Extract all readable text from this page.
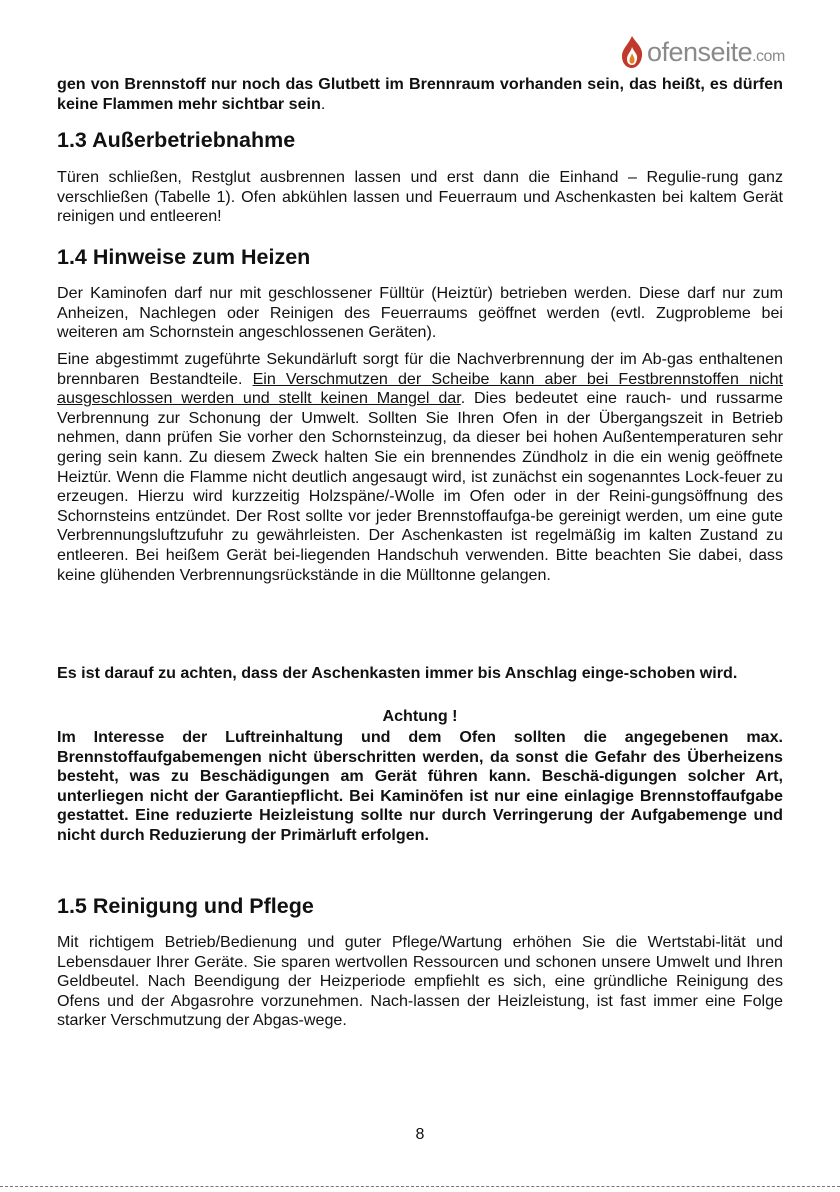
ofenseite.com

gen von Brennstoff nur noch das Glutbett im Brennraum vorhanden sein, das heißt, es dürfen keine Flammen mehr sichtbar sein.

1.3 Außerbetriebnahme

Türen schließen, Restglut ausbrennen lassen und erst dann die Einhand – Regulie-rung ganz verschließen (Tabelle 1). Ofen abkühlen lassen und Feuerraum und Aschenkasten bei kaltem Gerät reinigen und entleeren!

1.4 Hinweise zum Heizen

Der Kaminofen darf nur mit geschlossener Fülltür (Heiztür) betrieben werden. Diese darf nur zum Anheizen, Nachlegen oder Reinigen des Feuerraums geöffnet werden (evtl. Zugprobleme bei weiteren am Schornstein angeschlossenen Geräten).

Eine abgestimmt zugeführte Sekundärluft sorgt für die Nachverbrennung der im Ab-gas enthaltenen brennbaren Bestandteile. Ein Verschmutzen der Scheibe kann aber bei Festbrennstoffen nicht ausgeschlossen werden und stellt keinen Mangel dar. Dies bedeutet eine rauch- und russarme Verbrennung zur Schonung der Umwelt. Sollten Sie Ihren Ofen in der Übergangszeit in Betrieb nehmen, dann prüfen Sie vorher den Schornsteinzug, da dieser bei hohen Außentemperaturen sehr gering sein kann. Zu diesem Zweck halten Sie ein brennendes Zündholz in die ein wenig geöffnete Heiztür. Wenn die Flamme nicht deutlich angesaugt wird, ist zunächst ein sogenanntes Lock-feuer zu erzeugen. Hierzu wird kurzzeitig Holzspäne/-Wolle im Ofen oder in der Reini-gungsöffnung des Schornsteins entzündet. Der Rost sollte vor jeder Brennstoffaufga-be gereinigt werden, um eine gute Verbrennungsluftzufuhr zu gewährleisten. Der Aschenkasten ist regelmäßig im kalten Zustand zu entleeren. Bei heißem Gerät bei-liegenden Handschuh verwenden. Bitte beachten Sie dabei, dass keine glühenden Verbrennungsrückstände in die Mülltonne gelangen.

Es ist darauf zu achten, dass der Aschenkasten immer bis Anschlag einge-schoben wird.

Achtung !

Im Interesse der Luftreinhaltung und dem Ofen sollten die angegebenen max. Brennstoffaufgabemengen nicht überschritten werden, da sonst die Gefahr des Überheizens besteht, was zu Beschädigungen am Gerät führen kann. Beschä-digungen solcher Art, unterliegen nicht der Garantiepflicht. Bei Kaminöfen ist nur eine einlagige Brennstoffaufgabe gestattet. Eine reduzierte Heizleistung sollte nur durch Verringerung der Aufgabemenge und nicht durch Reduzierung der Primärluft erfolgen.

1.5 Reinigung und Pflege

Mit richtigem Betrieb/Bedienung und guter Pflege/Wartung erhöhen Sie die Wertstabi-lität und Lebensdauer Ihrer Geräte. Sie sparen wertvollen Ressourcen und schonen unsere Umwelt und Ihren Geldbeutel. Nach Beendigung der Heizperiode empfiehlt es sich, eine gründliche Reinigung des Ofens und der Abgasrohre vorzunehmen. Nach-lassen der Heizleistung, ist fast immer eine Folge starker Verschmutzung der Abgas-wege.

8
